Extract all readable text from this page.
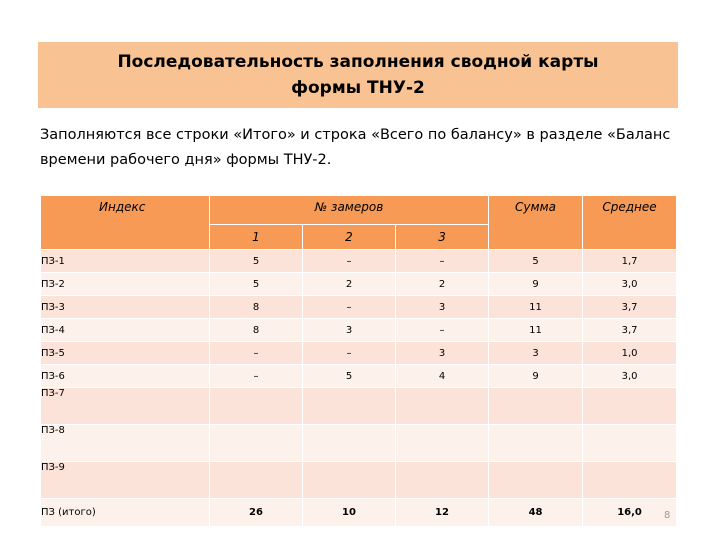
Последовательность заполнения сводной карты
формы ТНУ-2
Заполняются все строки «Итого» и строка «Всего по балансу» в разделе «Баланс
времени рабочего дня» формы ТНУ-2.
Индекс	№ замеров			Сумма	Среднее
	1	2	3		
ПЗ-1	5	–	–	5	1,7
ПЗ-2	5	2	2	9	3,0
ПЗ-3	8	–	3	11	3,7
ПЗ-4	8	3	–	11	3,7
ПЗ-5	–	–	3	3	1,0
ПЗ-6	–	5	4	9	3,0
ПЗ-7					
ПЗ-8					
ПЗ-9					
ПЗ (итого)	26	10	12	48	16,0 8
